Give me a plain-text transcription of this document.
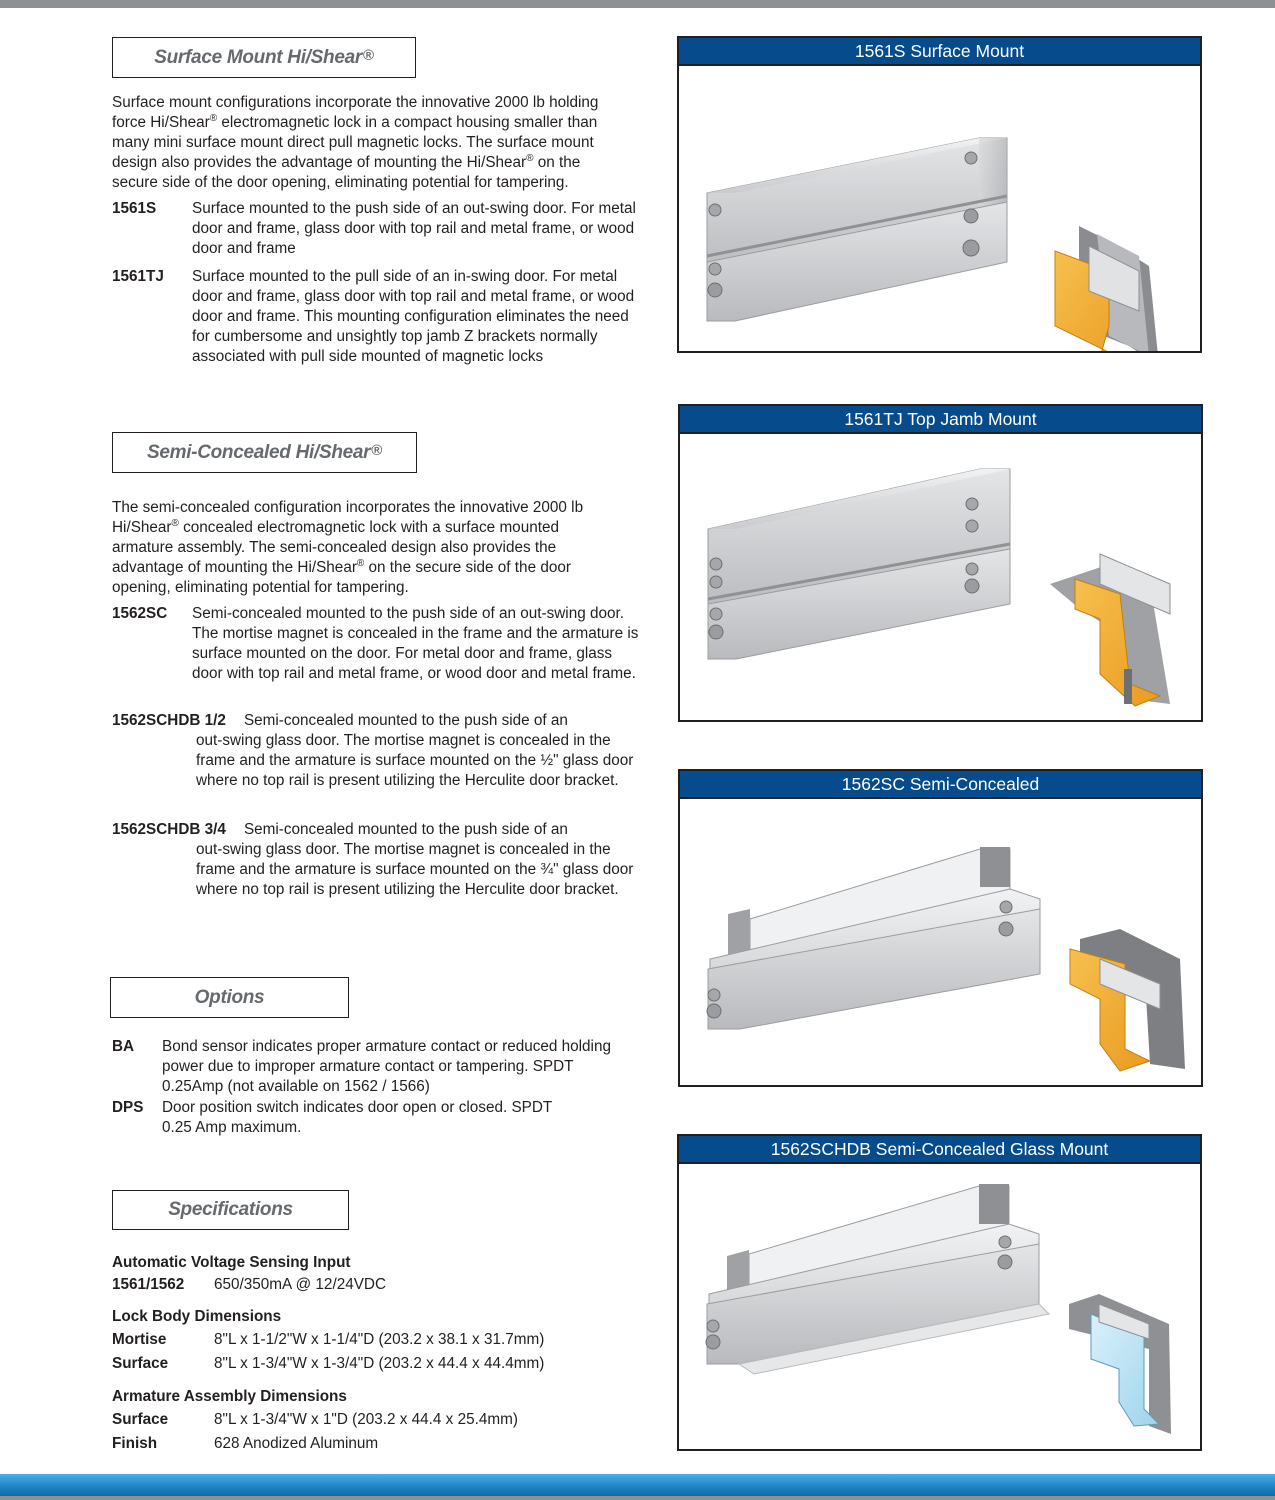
Surface Mount Hi/Shear®
Surface mount configurations incorporate the innovative 2000 lb holding
force Hi/Shear® electromagnetic lock in a compact housing smaller than
many mini surface mount direct pull magnetic locks. The surface mount
design also provides the advantage of mounting the Hi/Shear® on the
secure side of the door opening, eliminating potential for tampering.
1561S Surface mounted to the push side of an out-swing door. For metal door and frame, glass door with top rail and metal frame, or wood door and frame
1561TJ Surface mounted to the pull side of an in-swing door. For metal door and frame, glass door with top rail and metal frame, or wood door and frame. This mounting configuration eliminates the need for cumbersome and unsightly top jamb Z brackets normally associated with pull side mounted of magnetic locks
Semi-Concealed Hi/Shear®
The semi-concealed configuration incorporates the innovative 2000 lb
Hi/Shear® concealed electromagnetic lock with a surface mounted
armature assembly. The semi-concealed design also provides the
advantage of mounting the Hi/Shear® on the secure side of the door
opening, eliminating potential for tampering.
1562SC Semi-concealed mounted to the push side of an out-swing door. The mortise magnet is concealed in the frame and the armature is surface mounted on the door. For metal door and frame, glass door with top rail and metal frame, or wood door and metal frame.
1562SCHDB 1/2 Semi-concealed mounted to the push side of an
out-swing glass door. The mortise magnet is concealed in the frame and the armature is surface mounted on the ½" glass door where no top rail is present utilizing the Herculite door bracket.
1562SCHDB 3/4 Semi-concealed mounted to the push side of an
out-swing glass door. The mortise magnet is concealed in the frame and the armature is surface mounted on the ¾" glass door where no top rail is present utilizing the Herculite door bracket.
Options
BA Bond sensor indicates proper armature contact or reduced holding power due to improper armature contact or tampering. SPDT 0.25Amp (not available on 1562 / 1566)
DPS Door position switch indicates door open or closed. SPDT 0.25 Amp maximum.
Specifications
Automatic Voltage Sensing Input
1561/1562 650/350mA @ 12/24VDC
Lock Body Dimensions
Mortise	8"L x 1-1/2"W x 1-1/4"D (203.2 x 38.1 x 31.7mm)
Surface	8"L x 1-3/4"W x 1-3/4"D (203.2 x 44.4 x 44.4mm)
Armature Assembly Dimensions
Surface	8"L x 1-3/4"W x 1"D (203.2 x 44.4 x 25.4mm)
Finish	628 Anodized Aluminum
1561S Surface Mount
1561TJ Top Jamb Mount
1562SC Semi-Concealed
1562SCHDB Semi-Concealed Glass Mount
